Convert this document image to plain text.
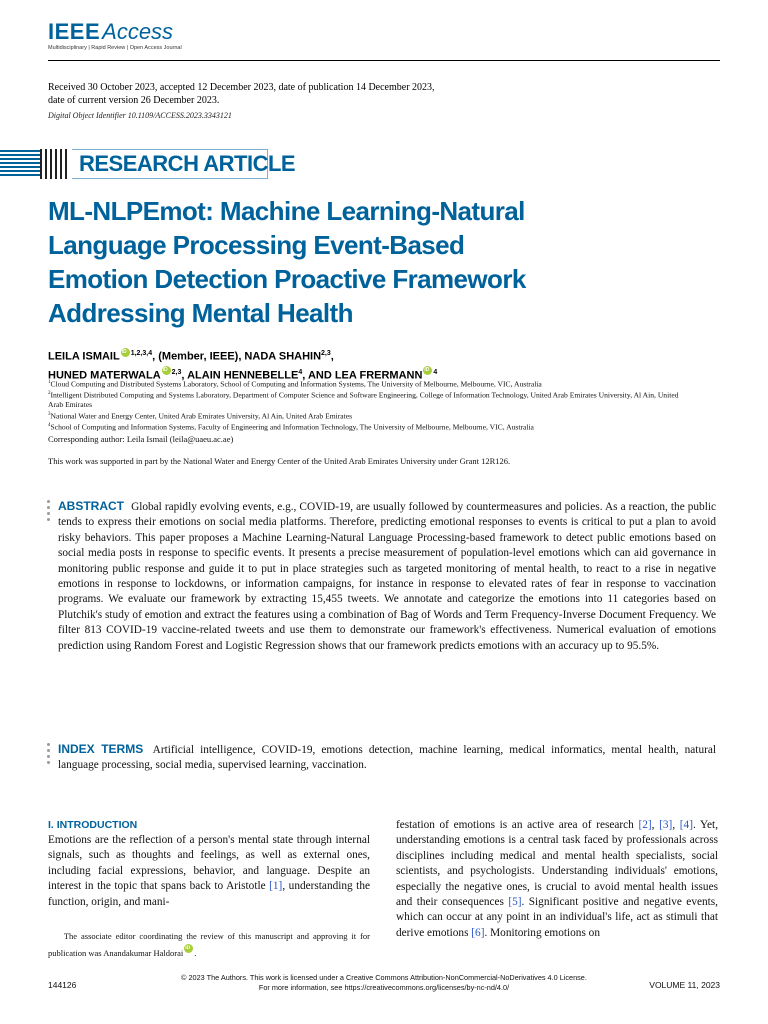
IEEEAccess
Multidisciplinary | Rapid Review | Open Access Journal
Received 30 October 2023, accepted 12 December 2023, date of publication 14 December 2023,
date of current version 26 December 2023.
Digital Object Identifier 10.1109/ACCESS.2023.3343121
RESEARCH ARTICLE
ML-NLPEmot: Machine Learning-Natural Language Processing Event-Based Emotion Detection Proactive Framework Addressing Mental Health
LEILA ISMAIL iD $^{1,2,3,4}$, (Member, IEEE), NADA SHAHIN$^{2,3}$,
HUNED MATERWALA iD $^{2,3}$, ALAIN HENNEBELLE$^4$, AND LEA FRERMANN iD $^4$
$^1$Cloud Computing and Distributed Systems Laboratory, School of Computing and Information Systems, The University of Melbourne, Melbourne, VIC, Australia
$^2$Intelligent Distributed Computing and Systems Laboratory, Department of Computer Science and Software Engineering, College of Information Technology, United Arab Emirates University, Al Ain, United Arab Emirates
$^3$National Water and Energy Center, United Arab Emirates University, Al Ain, United Arab Emirates
$^4$School of Computing and Information Systems, Faculty of Engineering and Information Technology, The University of Melbourne, Melbourne, VIC, Australia
Corresponding author: Leila Ismail (leila@uaeu.ac.ae)
This work was supported in part by the National Water and Energy Center of the United Arab Emirates University under Grant 12R126.

ABSTRACT Global rapidly evolving events, e.g., COVID-19, are usually followed by countermeasures and policies. As a reaction, the public tends to express their emotions on social media platforms. Therefore, predicting emotional responses to events is critical to put a plan to avoid risky behaviors. This paper proposes a Machine Learning-Natural Language Processing-based framework to detect public emotions based on social media posts in response to specific events. It presents a precise measurement of population-level emotions which can aid governance in monitoring public response and guide it to put in place strategies such as targeted monitoring of mental health, to react to a rise in negative emotions in response to lockdowns, or information campaigns, for instance in response to elevated rates of fear in response to vaccination programs. We evaluate our framework by extracting 15,455 tweets. We annotate and categorize the emotions into 11 categories based on Plutchik's study of emotion and extract the features using a combination of Bag of Words and Term Frequency-Inverse Document Frequency. We filter 813 COVID-19 vaccine-related tweets and use them to demonstrate our framework's effectiveness. Numerical evaluation of emotions prediction using Random Forest and Logistic Regression shows that our framework predicts emotions with an accuracy up to 95.5%.

INDEX TERMS Artificial intelligence, COVID-19, emotions detection, machine learning, medical informatics, mental health, natural language processing, social media, supervised learning, vaccination.

I. INTRODUCTION

Emotions are the reflection of a person's mental state through internal signals, such as thoughts and feelings, as well as external ones, including facial expressions, behavior, and language. Despite an interest in the topic that spans back to Aristotle [1], understanding the function, origin, and mani-

festation of emotions is an active area of research [2], [3], [4]. Yet, understanding emotions is a central task faced by professionals across disciplines including medical and mental health specialists, social scientists, and psychologists. Understanding individuals' emotions, especially the negative ones, is crucial to avoid mental health issues and their consequences [5]. Significant positive and negative events, which can occur at any point in an individual's life, act as stimuli that derive emotions [6]. Monitoring emotions on

The associate editor coordinating the review of this manuscript and approving it for publication was Anandakumar Haldorai iD .

© 2023 The Authors. This work is licensed under a Creative Commons Attribution-NonCommercial-NoDerivatives 4.0 License.
For more information, see https://creativecommons.org/licenses/by-nc-nd/4.0/
144126	VOLUME 11, 2023
